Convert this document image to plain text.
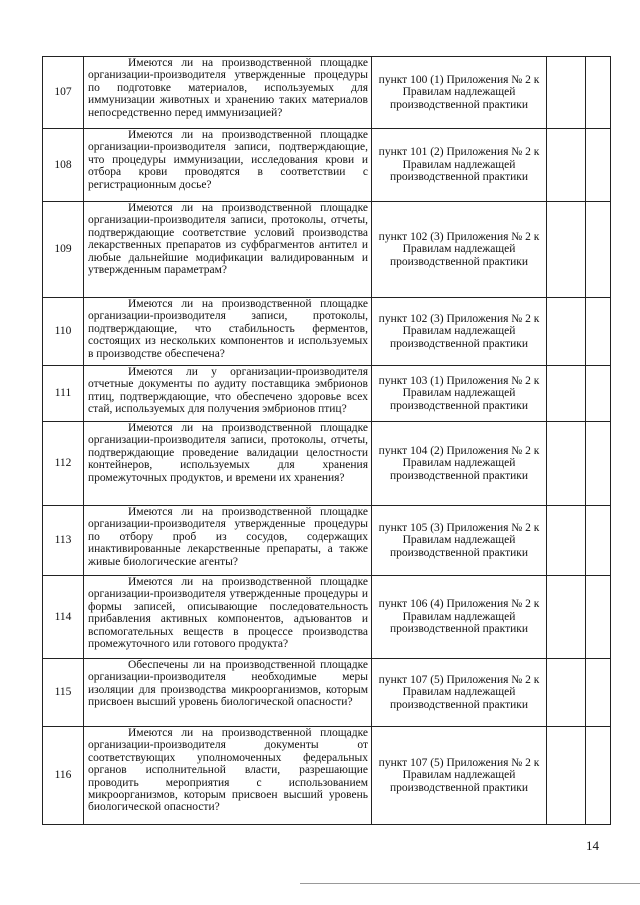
107	Имеются ли на производственной площадке организации-производителя утвержденные процедуры по подготовке материалов, используемых для иммунизации животных и хранению таких материалов непосредственно перед иммунизацией?	пункт 100 (1) Приложения № 2 к Правилам надлежащей производственной практики		
108	Имеются ли на производственной площадке организации-производителя записи, подтверждающие, что процедуры иммунизации, исследования крови и отбора крови проводятся в соответствии с регистрационным досье?	пункт 101 (2) Приложения № 2 к Правилам надлежащей производственной практики		
109	Имеются ли на производственной площадке организации-производителя записи, протоколы, отчеты, подтверждающие соответствие условий производства лекарственных препаратов из суфбрагментов антител и любые дальнейшие модификации валидированным и утвержденным параметрам?	пункт 102 (3) Приложения № 2 к Правилам надлежащей производственной практики		
110	Имеются ли на производственной площадке организации-производителя записи, протоколы, подтверждающие, что стабильность ферментов, состоящих из нескольких компонентов и используемых в производстве обеспечена?	пункт 102 (3) Приложения № 2 к Правилам надлежащей производственной практики		
111	Имеются ли у организации-производителя отчетные документы по аудиту поставщика эмбрионов птиц, подтверждающие, что обеспечено здоровье всех стай, используемых для получения эмбрионов птиц?	пункт 103 (1) Приложения № 2 к Правилам надлежащей производственной практики		
112	Имеются ли на производственной площадке организации-производителя записи, протоколы, отчеты, подтверждающие проведение валидации целостности контейнеров, используемых для хранения промежуточных продуктов, и времени их хранения?	пункт 104 (2) Приложения № 2 к Правилам надлежащей производственной практики		
113	Имеются ли на производственной площадке организации-производителя утвержденные процедуры по отбору проб из сосудов, содержащих инактивированные лекарственные препараты, а также живые биологические агенты?	пункт 105 (3) Приложения № 2 к Правилам надлежащей производственной практики		
114	Имеются ли на производственной площадке организации-производителя утвержденные процедуры и формы записей, описывающие последовательность прибавления активных компонентов, адъювантов и вспомогательных веществ в процессе производства промежуточного или готового продукта?	пункт 106 (4) Приложения № 2 к Правилам надлежащей производственной практики		
115	Обеспечены ли на производственной площадке организации-производителя необходимые меры изоляции для производства микроорганизмов, которым присвоен высший уровень биологической опасности?	пункт 107 (5) Приложения № 2 к Правилам надлежащей производственной практики		
116	Имеются ли на производственной площадке организации-производителя документы от соответствующих уполномоченных федеральных органов исполнительной власти, разрешающие проводить мероприятия с использованием микроорганизмов, которым присвоен высший уровень биологической опасности?	пункт 107 (5) Приложения № 2 к Правилам надлежащей производственной практики		
14
